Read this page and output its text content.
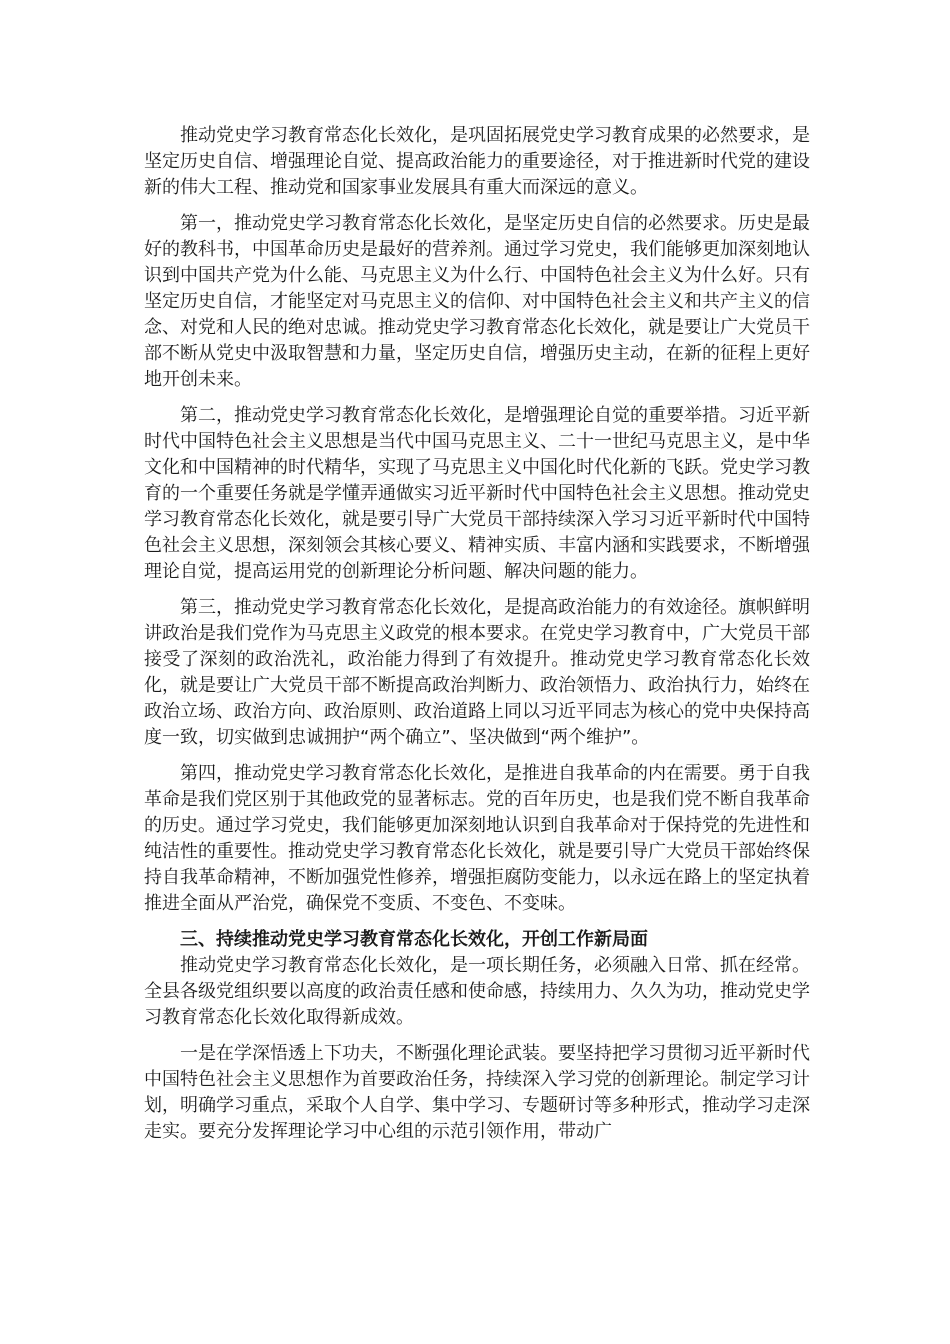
推动党史学习教育常态化长效化，是巩固拓展党史学习教育成果的必然要求，是坚定历史自信、增强理论自觉、提高政治能力的重要途径，对于推进新时代党的建设新的伟大工程、推动党和国家事业发展具有重大而深远的意义。

第一，推动党史学习教育常态化长效化，是坚定历史自信的必然要求。历史是最好的教科书，中国革命历史是最好的营养剂。通过学习党史，我们能够更加深刻地认识到中国共产党为什么能、马克思主义为什么行、中国特色社会主义为什么好。只有坚定历史自信，才能坚定对马克思主义的信仰、对中国特色社会主义和共产主义的信念、对党和人民的绝对忠诚。推动党史学习教育常态化长效化，就是要让广大党员干部不断从党史中汲取智慧和力量，坚定历史自信，增强历史主动，在新的征程上更好地开创未来。

第二，推动党史学习教育常态化长效化，是增强理论自觉的重要举措。习近平新时代中国特色社会主义思想是当代中国马克思主义、二十一世纪马克思主义，是中华文化和中国精神的时代精华，实现了马克思主义中国化时代化新的飞跃。党史学习教育的一个重要任务就是学懂弄通做实习近平新时代中国特色社会主义思想。推动党史学习教育常态化长效化，就是要引导广大党员干部持续深入学习习近平新时代中国特色社会主义思想，深刻领会其核心要义、精神实质、丰富内涵和实践要求，不断增强理论自觉，提高运用党的创新理论分析问题、解决问题的能力。

第三，推动党史学习教育常态化长效化，是提高政治能力的有效途径。旗帜鲜明讲政治是我们党作为马克思主义政党的根本要求。在党史学习教育中，广大党员干部接受了深刻的政治洗礼，政治能力得到了有效提升。推动党史学习教育常态化长效化，就是要让广大党员干部不断提高政治判断力、政治领悟力、政治执行力，始终在政治立场、政治方向、政治原则、政治道路上同以习近平同志为核心的党中央保持高度一致，切实做到忠诚拥护“两个确立”、坚决做到“两个维护”。

第四，推动党史学习教育常态化长效化，是推进自我革命的内在需要。勇于自我革命是我们党区别于其他政党的显著标志。党的百年历史，也是我们党不断自我革命的历史。通过学习党史，我们能够更加深刻地认识到自我革命对于保持党的先进性和纯洁性的重要性。推动党史学习教育常态化长效化，就是要引导广大党员干部始终保持自我革命精神，不断加强党性修养，增强拒腐防变能力，以永远在路上的坚定执着推进全面从严治党，确保党不变质、不变色、不变味。

三、持续推动党史学习教育常态化长效化，开创工作新局面

推动党史学习教育常态化长效化，是一项长期任务，必须融入日常、抓在经常。全县各级党组织要以高度的政治责任感和使命感，持续用力、久久为功，推动党史学习教育常态化长效化取得新成效。

一是在学深悟透上下功夫，不断强化理论武装。要坚持把学习贯彻习近平新时代中国特色社会主义思想作为首要政治任务，持续深入学习党的创新理论。制定学习计划，明确学习重点，采取个人自学、集中学习、专题研讨等多种形式，推动学习走深走实。要充分发挥理论学习中心组的示范引领作用，带动广
